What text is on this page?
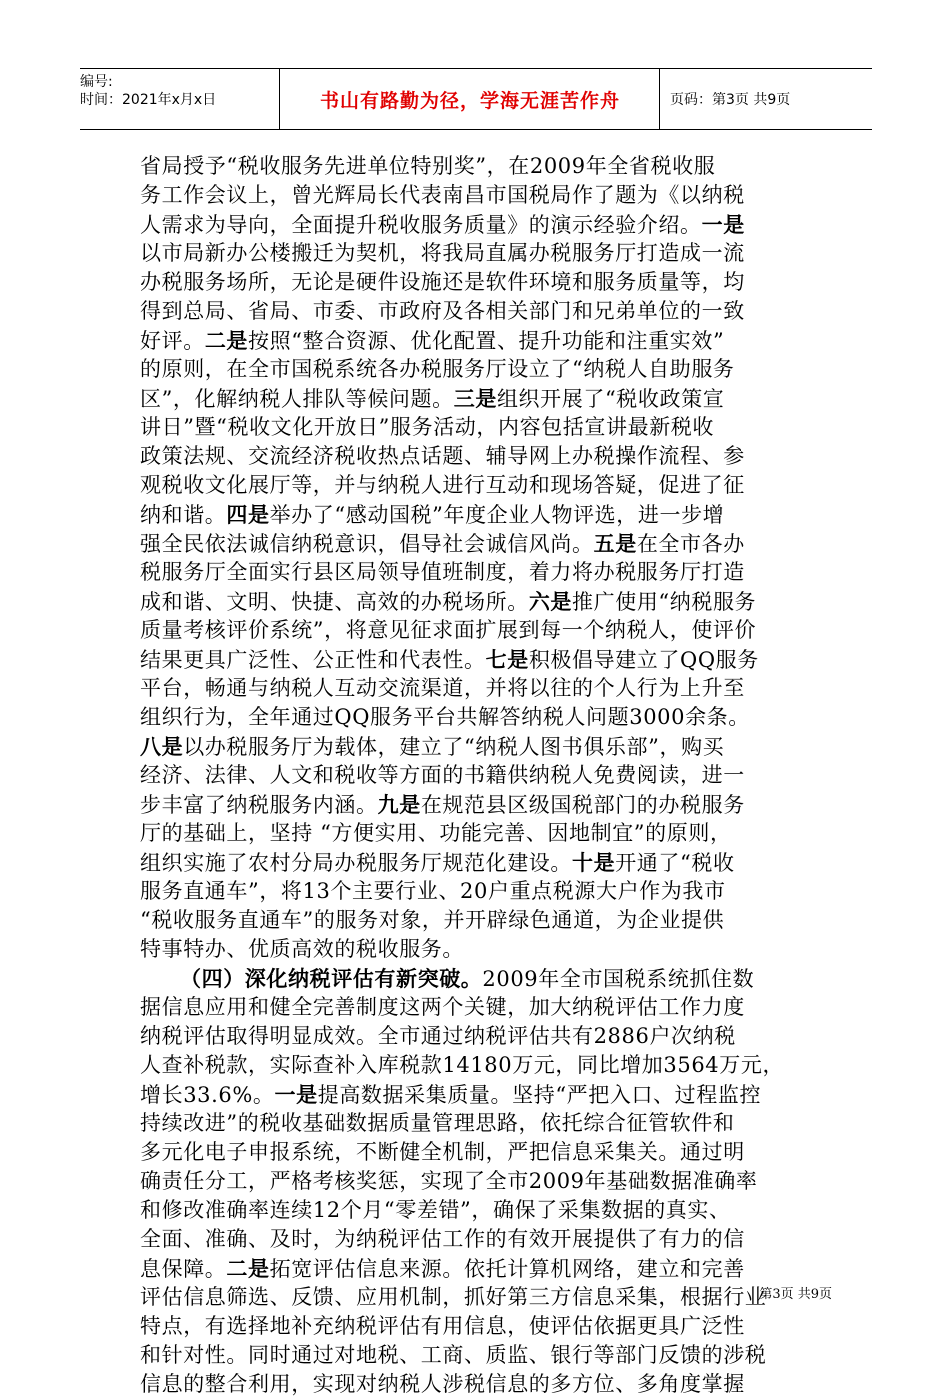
编号:
时间：2021年x月x日	书山有路勤为径，学海无涯苦作舟	页码：第3页 共9页
省局授予“税收服务先进单位特别奖”，在2009年全省税收服
务工作会议上，曾光辉局长代表南昌市国税局作了题为《以纳税
人需求为导向，全面提升税收服务质量》的演示经验介绍。一是
以市局新办公楼搬迁为契机，将我局直属办税服务厅打造成一流
办税服务场所，无论是硬件设施还是软件环境和服务质量等，均
得到总局、省局、市委、市政府及各相关部门和兄弟单位的一致
好评。二是按照“整合资源、优化配置、提升功能和注重实效”
的原则，在全市国税系统各办税服务厅设立了“纳税人自助服务
区”，化解纳税人排队等候问题。三是组织开展了“税收政策宣
讲日”暨“税收文化开放日”服务活动，内容包括宣讲最新税收
政策法规、交流经济税收热点话题、辅导网上办税操作流程、参
观税收文化展厅等，并与纳税人进行互动和现场答疑，促进了征
纳和谐。四是举办了“感动国税”年度企业人物评选，进一步增
强全民依法诚信纳税意识，倡导社会诚信风尚。五是在全市各办
税服务厅全面实行县区局领导值班制度，着力将办税服务厅打造
成和谐、文明、快捷、高效的办税场所。六是推广使用“纳税服务
质量考核评价系统”，将意见征求面扩展到每一个纳税人，使评价
结果更具广泛性、公正性和代表性。七是积极倡导建立了QQ服务
平台，畅通与纳税人互动交流渠道，并将以往的个人行为上升至
组织行为，全年通过QQ服务平台共解答纳税人问题3000余条。
八是以办税服务厅为载体，建立了“纳税人图书俱乐部”，购买
经济、法律、人文和税收等方面的书籍供纳税人免费阅读，进一
步丰富了纳税服务内涵。九是在规范县区级国税部门的办税服务
厅的基础上，坚持 “方便实用、功能完善、因地制宜”的原则，
组织实施了农村分局办税服务厅规范化建设。十是开通了“税收
服务直通车”，将13个主要行业、20户重点税源大户作为我市
“税收服务直通车”的服务对象，并开辟绿色通道，为企业提供
特事特办、优质高效的税收服务。
（四）深化纳税评估有新突破。2009年全市国税系统抓住数
据信息应用和健全完善制度这两个关键，加大纳税评估工作力度
纳税评估取得明显成效。全市通过纳税评估共有2886户次纳税
人查补税款，实际查补入库税款14180万元，同比增加3564万元，
增长33.6%。一是提高数据采集质量。坚持“严把入口、过程监控
持续改进”的税收基础数据质量管理思路，依托综合征管软件和
多元化电子申报系统，不断健全机制，严把信息采集关。通过明
确责任分工，严格考核奖惩，实现了全市2009年基础数据准确率
和修改准确率连续12个月“零差错”，确保了采集数据的真实、
全面、准确、及时，为纳税评估工作的有效开展提供了有力的信
息保障。二是拓宽评估信息来源。依托计算机网络，建立和完善
评估信息筛选、反馈、应用机制，抓好第三方信息采集，根据行业
特点，有选择地补充纳税评估有用信息，使评估依据更具广泛性
和针对性。同时通过对地税、工商、质监、银行等部门反馈的涉税
信息的整合利用，实现对纳税人涉税信息的多方位、多角度掌握
第3页 共9页
